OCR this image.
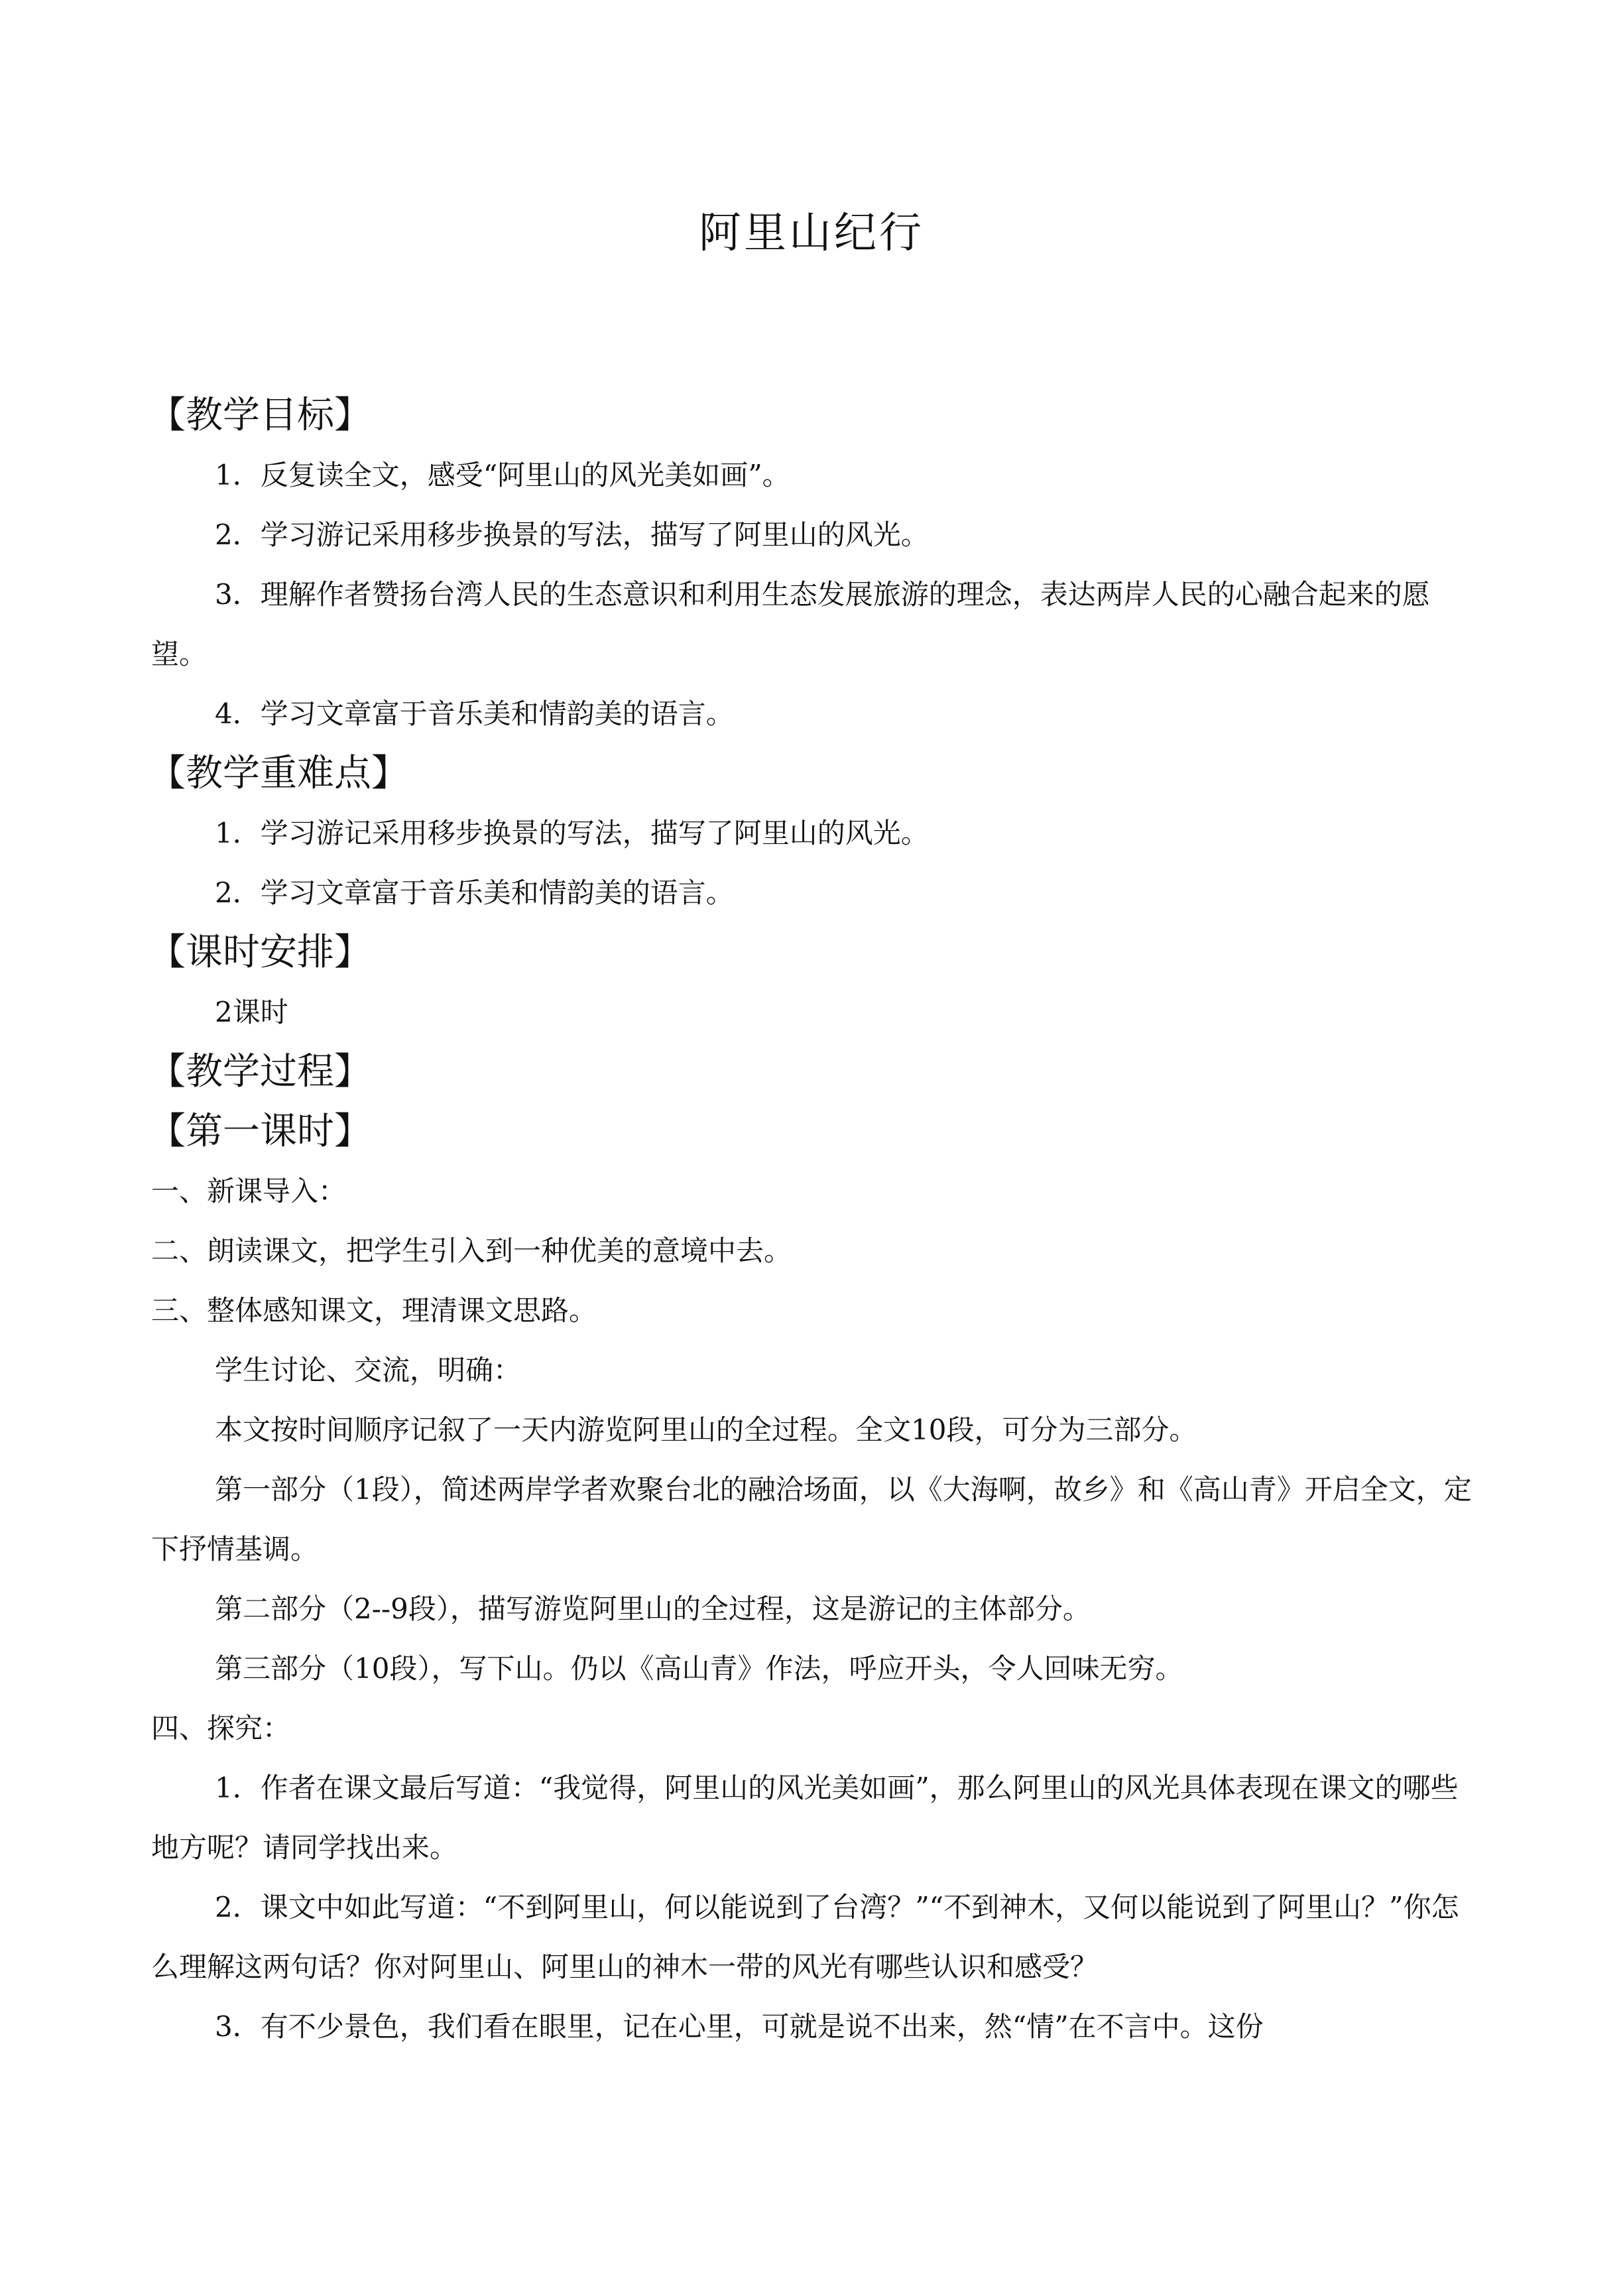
阿里山纪行
【教学目标】
1．反复读全文，感受“阿里山的风光美如画”。
2．学习游记采用移步换景的写法，描写了阿里山的风光。
3．理解作者赞扬台湾人民的生态意识和利用生态发展旅游的理念，表达两岸人民的心融合起来的愿望。
4．学习文章富于音乐美和情韵美的语言。
【教学重难点】
1．学习游记采用移步换景的写法，描写了阿里山的风光。
2．学习文章富于音乐美和情韵美的语言。
【课时安排】
2课时
【教学过程】
【第一课时】
一、新课导入：
二、朗读课文，把学生引入到一种优美的意境中去。
三、整体感知课文，理清课文思路。
学生讨论、交流，明确：
本文按时间顺序记叙了一天内游览阿里山的全过程。全文10段，可分为三部分。
第一部分（1段），简述两岸学者欢聚台北的融洽场面，以《大海啊，故乡》和《高山青》开启全文，定下抒情基调。
第二部分（2--9段），描写游览阿里山的全过程，这是游记的主体部分。
第三部分（10段），写下山。仍以《高山青》作法，呼应开头，令人回味无穷。
四、探究：
1．作者在课文最后写道：“我觉得，阿里山的风光美如画”，那么阿里山的风光具体表现在课文的哪些地方呢？请同学找出来。
2．课文中如此写道：“不到阿里山，何以能说到了台湾？”“不到神木，又何以能说到了阿里山？”你怎么理解这两句话？你对阿里山、阿里山的神木一带的风光有哪些认识和感受？
3．有不少景色，我们看在眼里，记在心里，可就是说不出来，然“情”在不言中。这份
